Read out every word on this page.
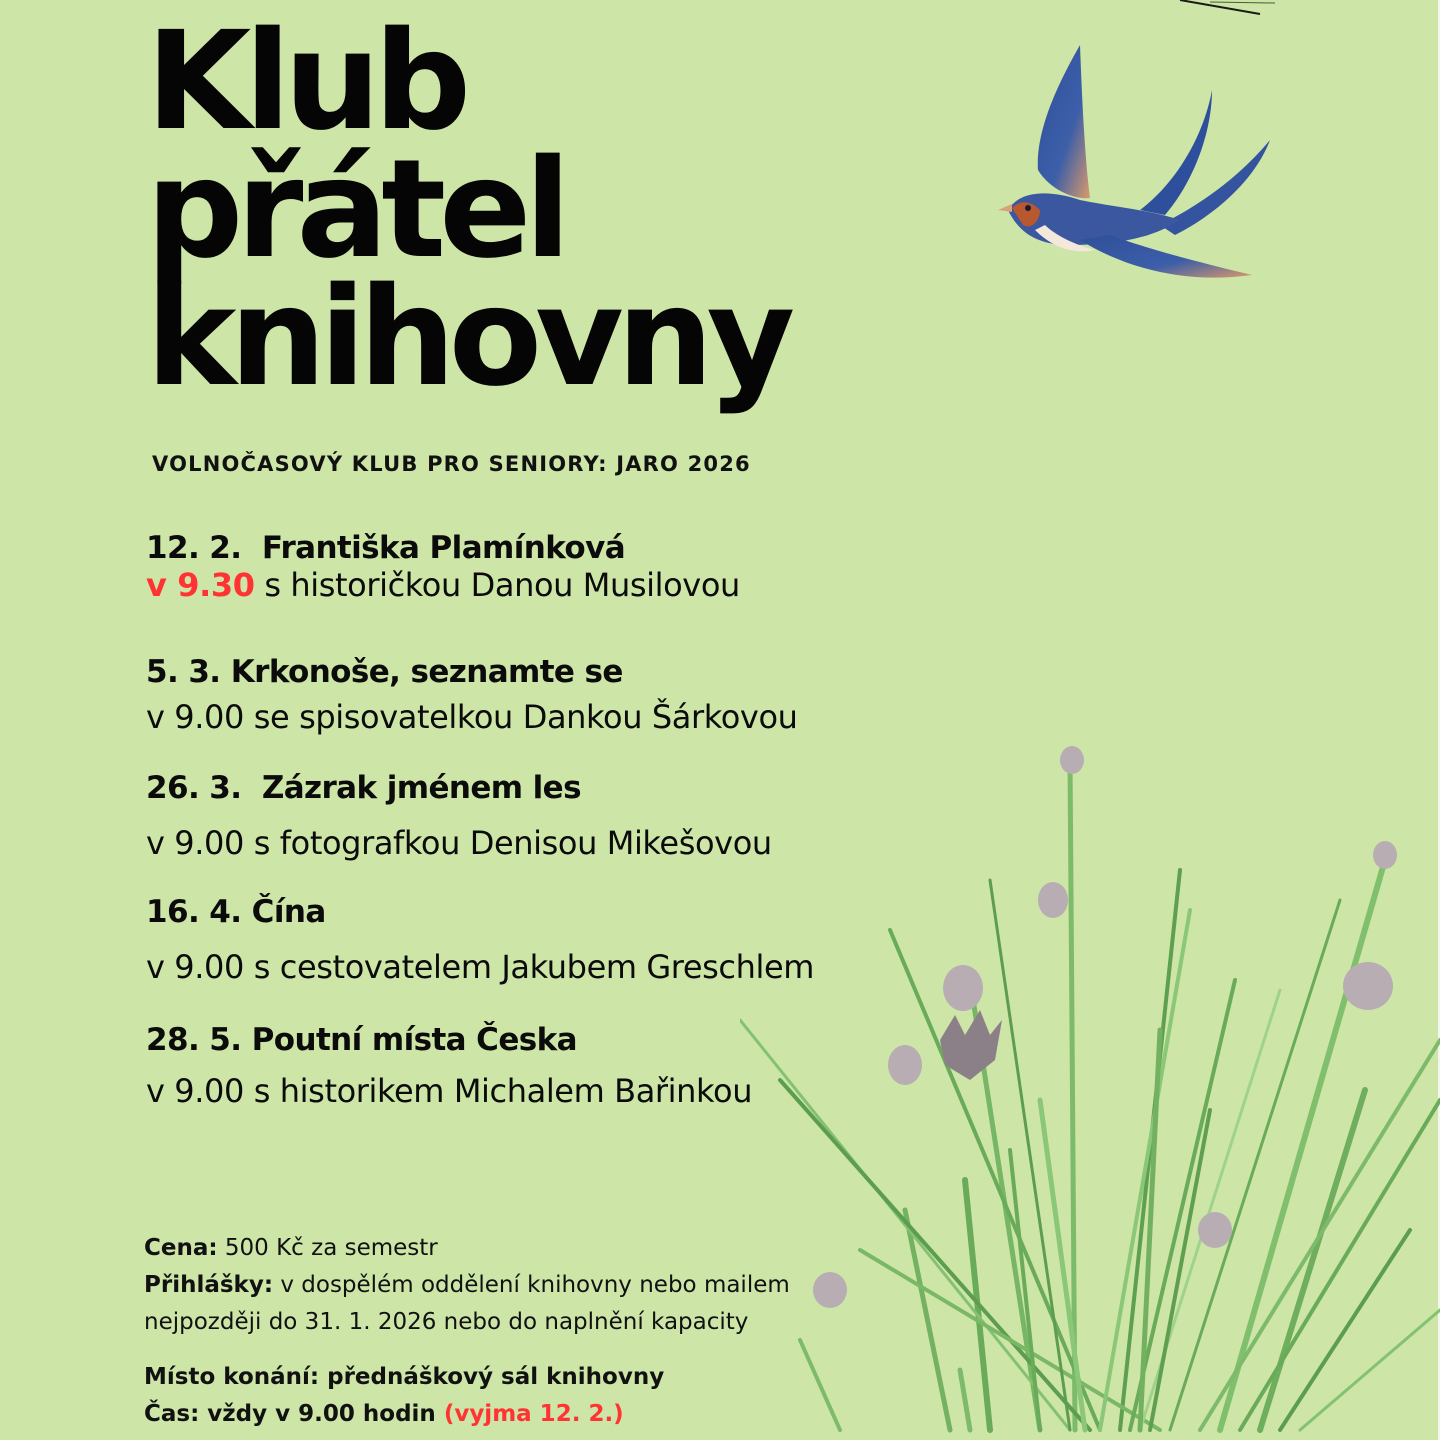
Klub
přátel
knihovny
VOLNOČASOVÝ KLUB PRO SENIORY: JARO 2026
12. 2. Františka Plamínková
v 9.30 s historičkou Danou Musilovou
5. 3. Krkonoše, seznamte se
v 9.00 se spisovatelkou Dankou Šárkovou
26. 3. Zázrak jménem les
v 9.00 s fotografkou Denisou Mikešovou
16. 4. Čína
v 9.00 s cestovatelem Jakubem Greschlem
28. 5. Poutní místa Česka
v 9.00 s historikem Michalem Bařinkou
Cena: 500 Kč za semestr
Přihlášky: v dospělém oddělení knihovny nebo mailem
nejpozději do 31. 1. 2026 nebo do naplnění kapacity
Místo konání: přednáškový sál knihovny
Čas: vždy v 9.00 hodin (vyjma 12. 2.)
